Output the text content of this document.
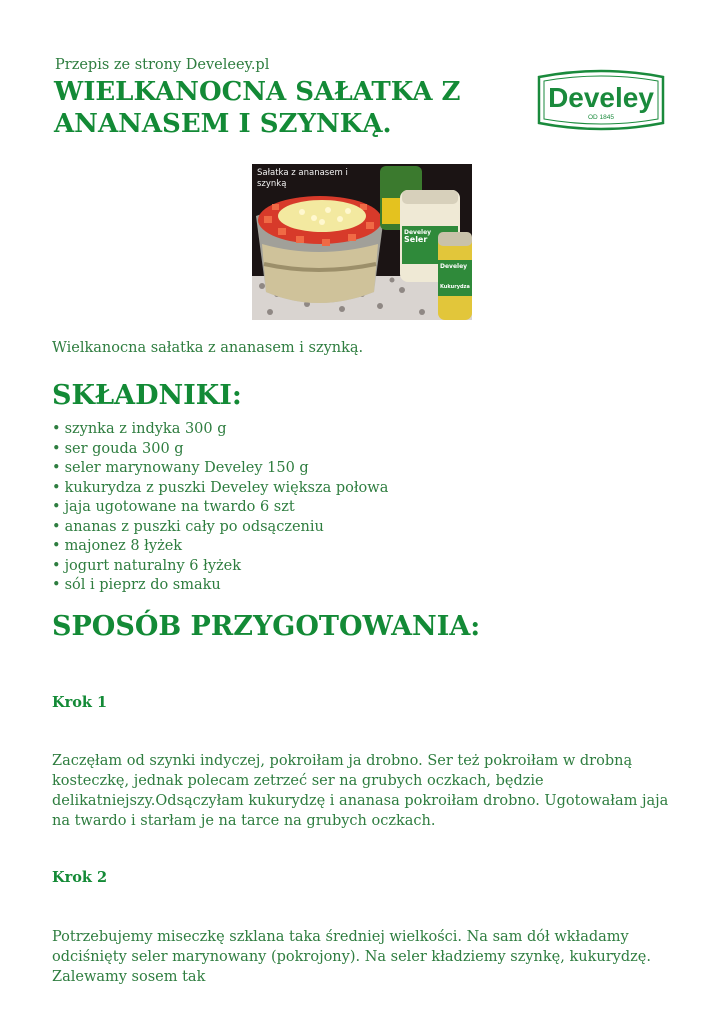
Przepis ze strony Develeey.pl
WIELKANOCNA SAŁATKA Z ANANASEM I SZYNKĄ.
Develey
OD 1845
Seler
Develey
Develey
Kukurydza
Sałatka z ananasem i szynką
Wielkanocna sałatka z ananasem i szynką.
SKŁADNIKI:
• szynka z indyka 300 g
• ser gouda 300 g
• seler marynowany Develey 150 g
• kukurydza z puszki Develey większa połowa
• jaja ugotowane na twardo 6 szt
• ananas z puszki cały po odsączeniu
• majonez 8 łyżek
• jogurt naturalny 6 łyżek
• sól i pieprz do smaku
SPOSÓB PRZYGOTOWANIA:
Krok 1

Zaczęłam od szynki indyczej, pokroiłam ja drobno. Ser też pokroiłam w drobną kosteczkę, jednak polecam zetrzeć ser na grubych oczkach, będzie delikatniejszy.Odsączyłam kukurydzę i ananasa pokroiłam drobno. Ugotowałam jaja na twardo i starłam je na tarce na grubych oczkach.

Krok 2

Potrzebujemy miseczkę szklana taka średniej wielkości. Na sam dół wkładamy odciśnięty seler marynowany (pokrojony). Na seler kładziemy szynkę, kukurydzę. Zalewamy sosem tak
